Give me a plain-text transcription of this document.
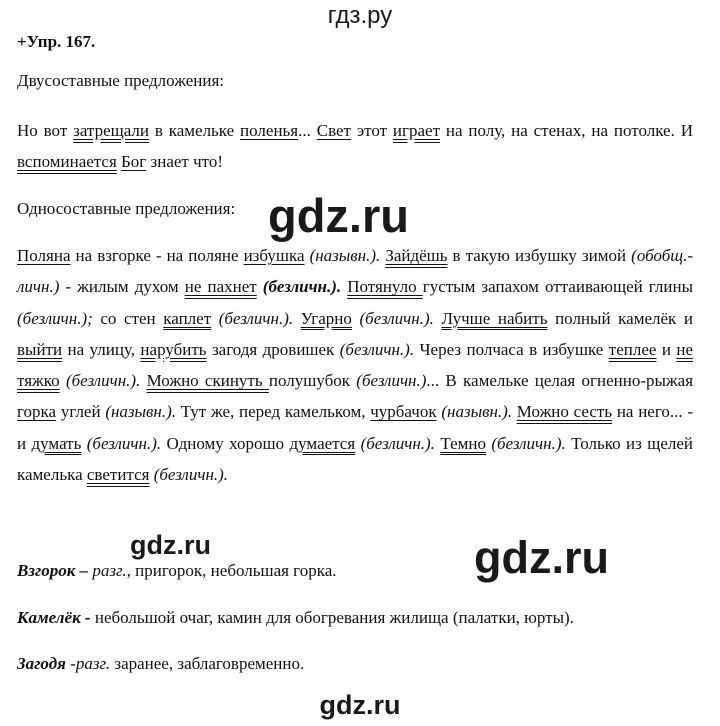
гдз.ру
gdz.ru
gdz.ru	gdz.ru
gdz.ru
+Упр. 167.
Двусоставные предложения:
Но вот затрещали в камельке поленья... Свет этот играет на полу, на стенах, на потолке. И вспоминается Бог знает что!
Односоставные предложения:
Поляна на взгорке - на поляне избушка (назывн.). Зайдёшь в такую избушку зимой (обобщ.-личн.) - жилым духом не пахнет (безличн.). Потянуло густым запахом оттаивающей глины (безличн.); со стен каплет (безличн.). Угарно (безличн.). Лучше набить полный камелёк и выйти на улицу, нарубить загодя дровишек (безличн.). Через полчаса в избушке теплее и не тяжко (безличн.). Можно скинуть полушубок (безличн.)... В камельке целая огненно-рыжая горка углей (назывн.). Тут же, перед камельком, чурбачок (назывн.). Можно сесть на него... - и думать (безличн.). Одному хорошо думается (безличн.). Темно (безличн.). Только из щелей камелька светится (безличн.).
Взгорок – разг., пригорок, небольшая горка.
Камелёк - небольшой очаг, камин для обогревания жилища (палатки, юрты).
Загодя -разг. заранее, заблаговременно.
